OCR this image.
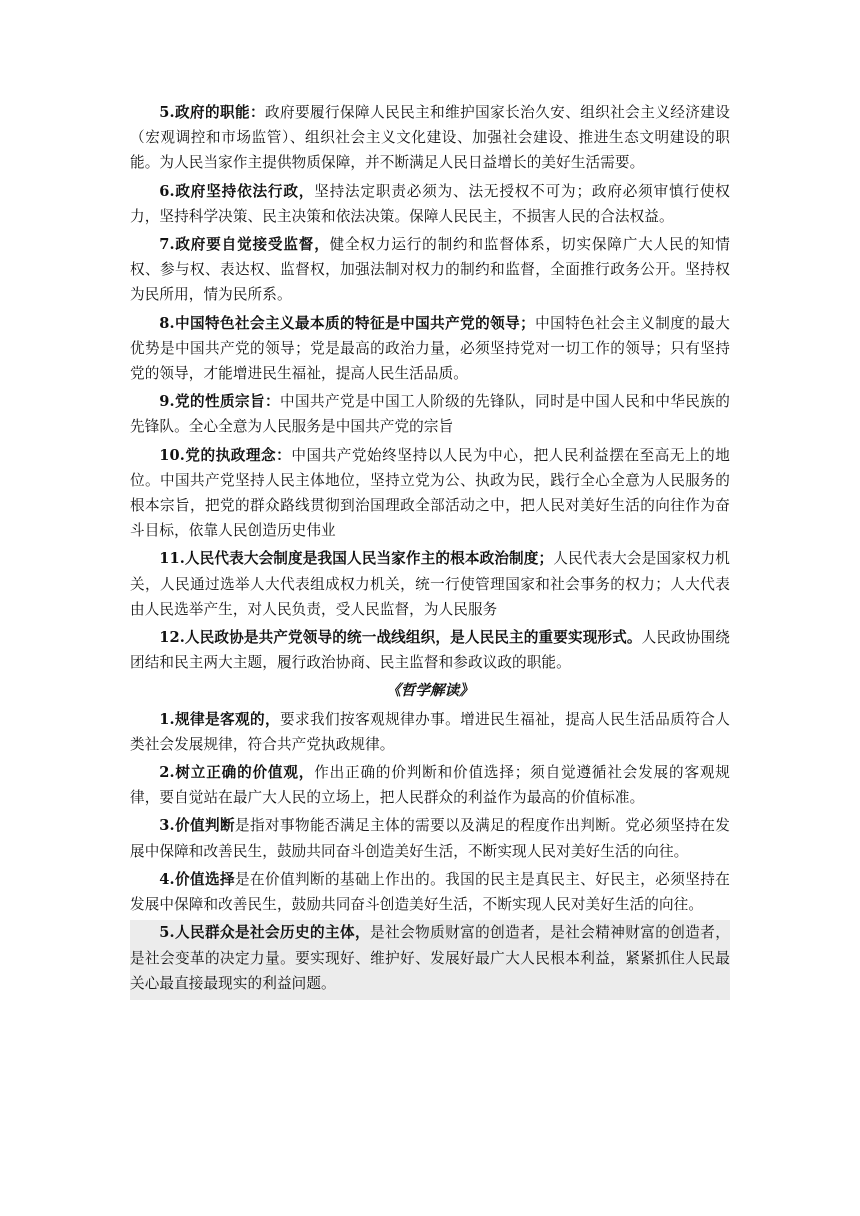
5.政府的职能：政府要履行保障人民民主和维护国家长治久安、组织社会主义经济建设（宏观调控和市场监管）、组织社会主义文化建设、加强社会建设、推进生态文明建设的职能。为人民当家作主提供物质保障，并不断满足人民日益增长的美好生活需要。

6.政府坚持依法行政，坚持法定职责必须为、法无授权不可为；政府必须审慎行使权力，坚持科学决策、民主决策和依法决策。保障人民民主，不损害人民的合法权益。

7.政府要自觉接受监督，健全权力运行的制约和监督体系，切实保障广大人民的知情权、参与权、表达权、监督权，加强法制对权力的制约和监督，全面推行政务公开。坚持权为民所用，情为民所系。

8.中国特色社会主义最本质的特征是中国共产党的领导；中国特色社会主义制度的最大优势是中国共产党的领导；党是最高的政治力量，必须坚持党对一切工作的领导；只有坚持党的领导，才能增进民生福祉，提高人民生活品质。

9.党的性质宗旨：中国共产党是中国工人阶级的先锋队，同时是中国人民和中华民族的先锋队。全心全意为人民服务是中国共产党的宗旨

10.党的执政理念：中国共产党始终坚持以人民为中心，把人民利益摆在至高无上的地位。中国共产党坚持人民主体地位，坚持立党为公、执政为民，践行全心全意为人民服务的根本宗旨，把党的群众路线贯彻到治国理政全部活动之中，把人民对美好生活的向往作为奋斗目标，依靠人民创造历史伟业

11.人民代表大会制度是我国人民当家作主的根本政治制度；人民代表大会是国家权力机关，人民通过选举人大代表组成权力机关，统一行使管理国家和社会事务的权力；人大代表由人民选举产生，对人民负责，受人民监督，为人民服务

12.人民政协是共产党领导的统一战线组织，是人民民主的重要实现形式。人民政协围绕团结和民主两大主题，履行政治协商、民主监督和参政议政的职能。

《哲学解读》

1.规律是客观的，要求我们按客观规律办事。增进民生福祉，提高人民生活品质符合人类社会发展规律，符合共产党执政规律。

2.树立正确的价值观，作出正确的价判断和价值选择；须自觉遵循社会发展的客观规律，要自觉站在最广大人民的立场上，把人民群众的利益作为最高的价值标准。

3.价值判断是指对事物能否满足主体的需要以及满足的程度作出判断。党必须坚持在发展中保障和改善民生，鼓励共同奋斗创造美好生活，不断实现人民对美好生活的向往。

4.价值选择是在价值判断的基础上作出的。我国的民主是真民主、好民主，必须坚持在发展中保障和改善民生，鼓励共同奋斗创造美好生活，不断实现人民对美好生活的向往。

5.人民群众是社会历史的主体，是社会物质财富的创造者，是社会精神财富的创造者，是社会变革的决定力量。要实现好、维护好、发展好最广大人民根本利益，紧紧抓住人民最关心最直接最现实的利益问题。
